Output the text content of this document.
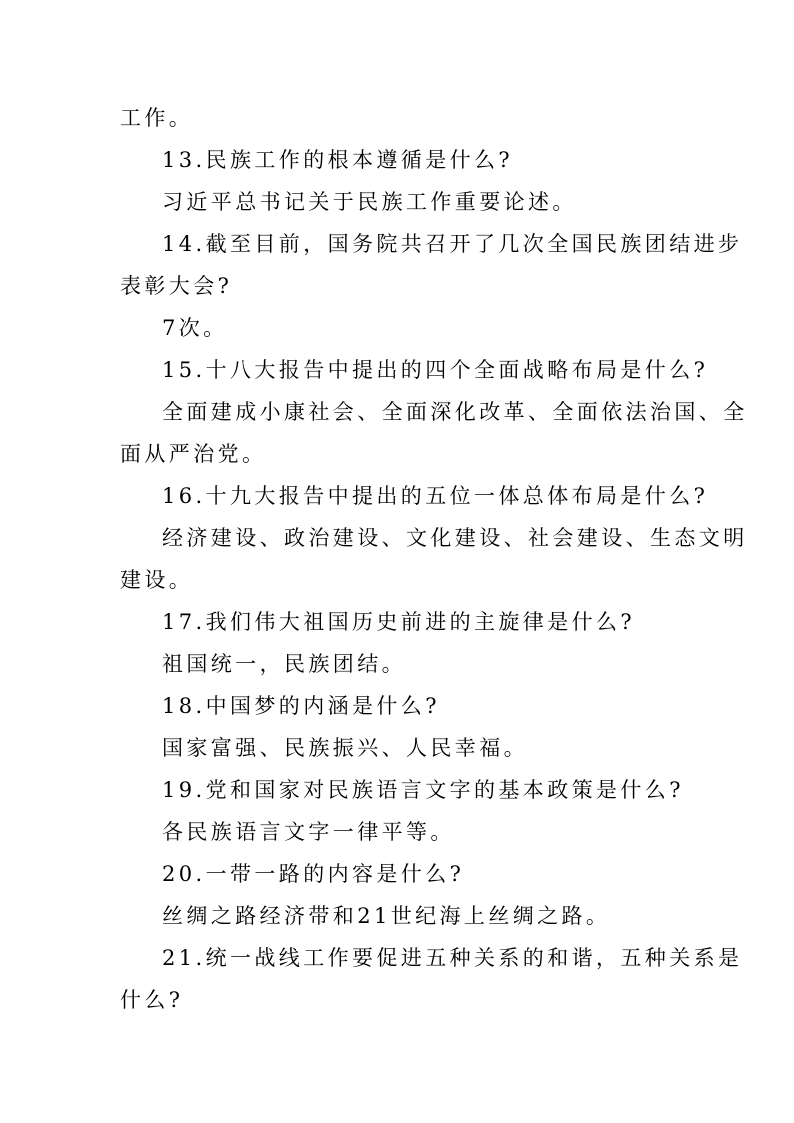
工作。

13.民族工作的根本遵循是什么?

习近平总书记关于民族工作重要论述。

14.截至目前，国务院共召开了几次全国民族团结进步

表彰大会?

7次。

15.十八大报告中提出的四个全面战略布局是什么?

全面建成小康社会、全面深化改革、全面依法治国、全

面从严治党。

16.十九大报告中提出的五位一体总体布局是什么?

经济建设、政治建设、文化建设、社会建设、生态文明

建设。

17.我们伟大祖国历史前进的主旋律是什么?

祖国统一，民族团结。

18.中国梦的内涵是什么?

国家富强、民族振兴、人民幸福。

19.党和国家对民族语言文字的基本政策是什么?

各民族语言文字一律平等。

20.一带一路的内容是什么?

丝绸之路经济带和21世纪海上丝绸之路。

21.统一战线工作要促进五种关系的和谐，五种关系是

什么?
